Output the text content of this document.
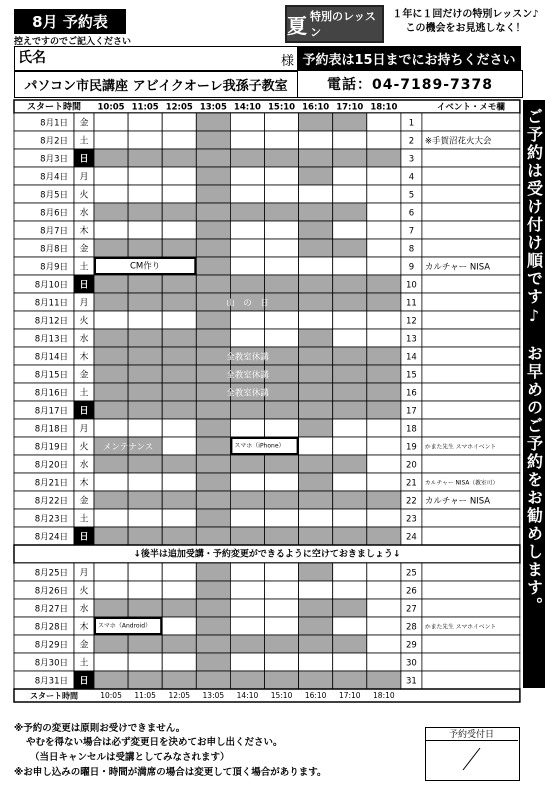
8月 予約表	夏 特別のレッスン
１年に１回だけの特別レッスン♪
この機会をお見逃しなく！
控えですのでご記入ください
氏名	様 予約表は15日までにお持ちください
パソコン市民講座 アビイクオーレ我孫子教室	電話：04-7189-7378
スタート時間 10:05 11:05 12:05 13:05 14:10 15:10 16:10 17:10 18:10	イベント・メモ欄
8月1日 金	1
8月2日 土	2 ※手賀沼花火大会
8月3日 日	3
8月4日 月	4
8月5日 火	5
8月6日 水	6
8月7日 木	7
8月8日 金	8
8月9日 土	CM作り	9 カルチャー NISA
8月10日 日	10
8月11日 月	山　の　日	11
8月12日 火	12
8月13日 水	13
8月14日 木	全教室休講	14
8月15日 金	全教室休講	15
8月16日 土	全教室休講	16
8月17日 日	17
8月18日 月	18
8月19日 火 メンテナンス	スマホ（iPhone）	19 かまた先生 スマホイベント
8月20日 水	20
8月21日 木	21 カルチャー NISA（教室可）
8月22日 金	22 カルチャー NISA
8月23日 土	23
8月24日 日	24
↓後半は追加受講・予約変更ができるように空けておきましょう↓
8月25日 月	25
8月26日 火	26
8月27日 水	27
8月28日 木 スマホ（Android）	28 かまた先生 スマホイベント
8月29日 金	29
8月30日 土	30
8月31日 日	31
スタート時間	10:05 11:05 12:05 13:05 14:10 15:10 16:10 17:10 18:10
ご予約は受け付け順です♪　お早めのご予約をお勧めします。
※予約の変更は原則お受けできません。
やむを得ない場合は必ず変更日を決めてお申し出ください。
（当日キャンセルは受講としてみなされます）
※お申し込みの曜日・時間が満席の場合は変更して頂く場合があります。
予約受付日
